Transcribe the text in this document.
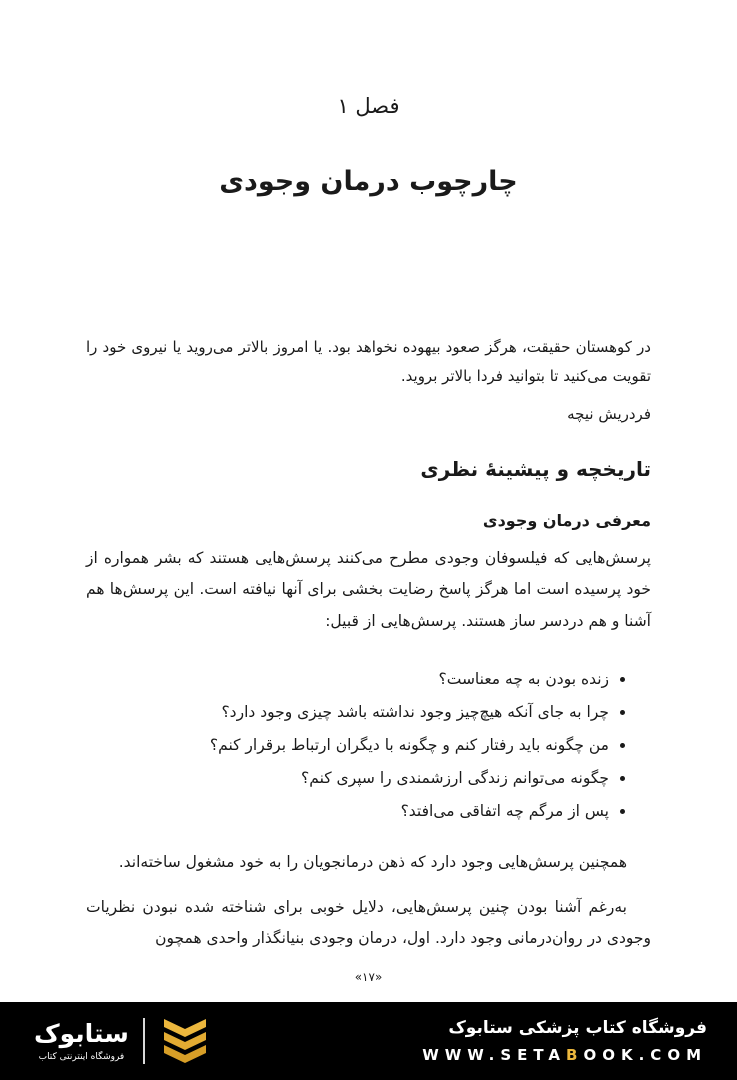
فصل ۱
چارچوب درمان وجودی

در کوهستان حقیقت، هرگز صعود بیهوده نخواهد بود. یا امروز بالاتر می‌روید یا نیروی خود را تقویت می‌کنید تا بتوانید فردا بالاتر بروید.

فردریش نیچه

تاریخچه و پیشینهٔ نظری
معرفی درمان وجودی

پرسش‌هایی که فیلسوفان وجودی مطرح می‌کنند پرسش‌هایی هستند که بشر همواره از خود پرسیده است اما هرگز پاسخ رضایت بخشی برای آنها نیافته است. این پرسش‌ها هم آشنا و هم دردسر ساز هستند. پرسش‌هایی از قبیل:

• زنده بودن به چه معناست؟
• چرا به جای آنکه هیچ‌چیز وجود نداشته باشد چیزی وجود دارد؟
• من چگونه باید رفتار کنم و چگونه با دیگران ارتباط برقرار کنم؟
• چگونه می‌توانم زندگی ارزشمندی را سپری کنم؟
• پس از مرگم چه اتفاقی می‌افتد؟

همچنین پرسش‌هایی وجود دارد که ذهن درمانجویان را به خود مشغول ساخته‌اند.

به‌رغم آشنا بودن چنین پرسش‌هایی، دلایل خوبی برای شناخته شده نبودن نظریات وجودی در روان‌درمانی وجود دارد. اول، درمان وجودی بنیانگذار واحدی همچون

«۱۷»
ستابوک
فروشگاه اینترنتی کتاب
فروشگاه کتاب پزشکی ستابوک
WWW.SETABOOK.COM
